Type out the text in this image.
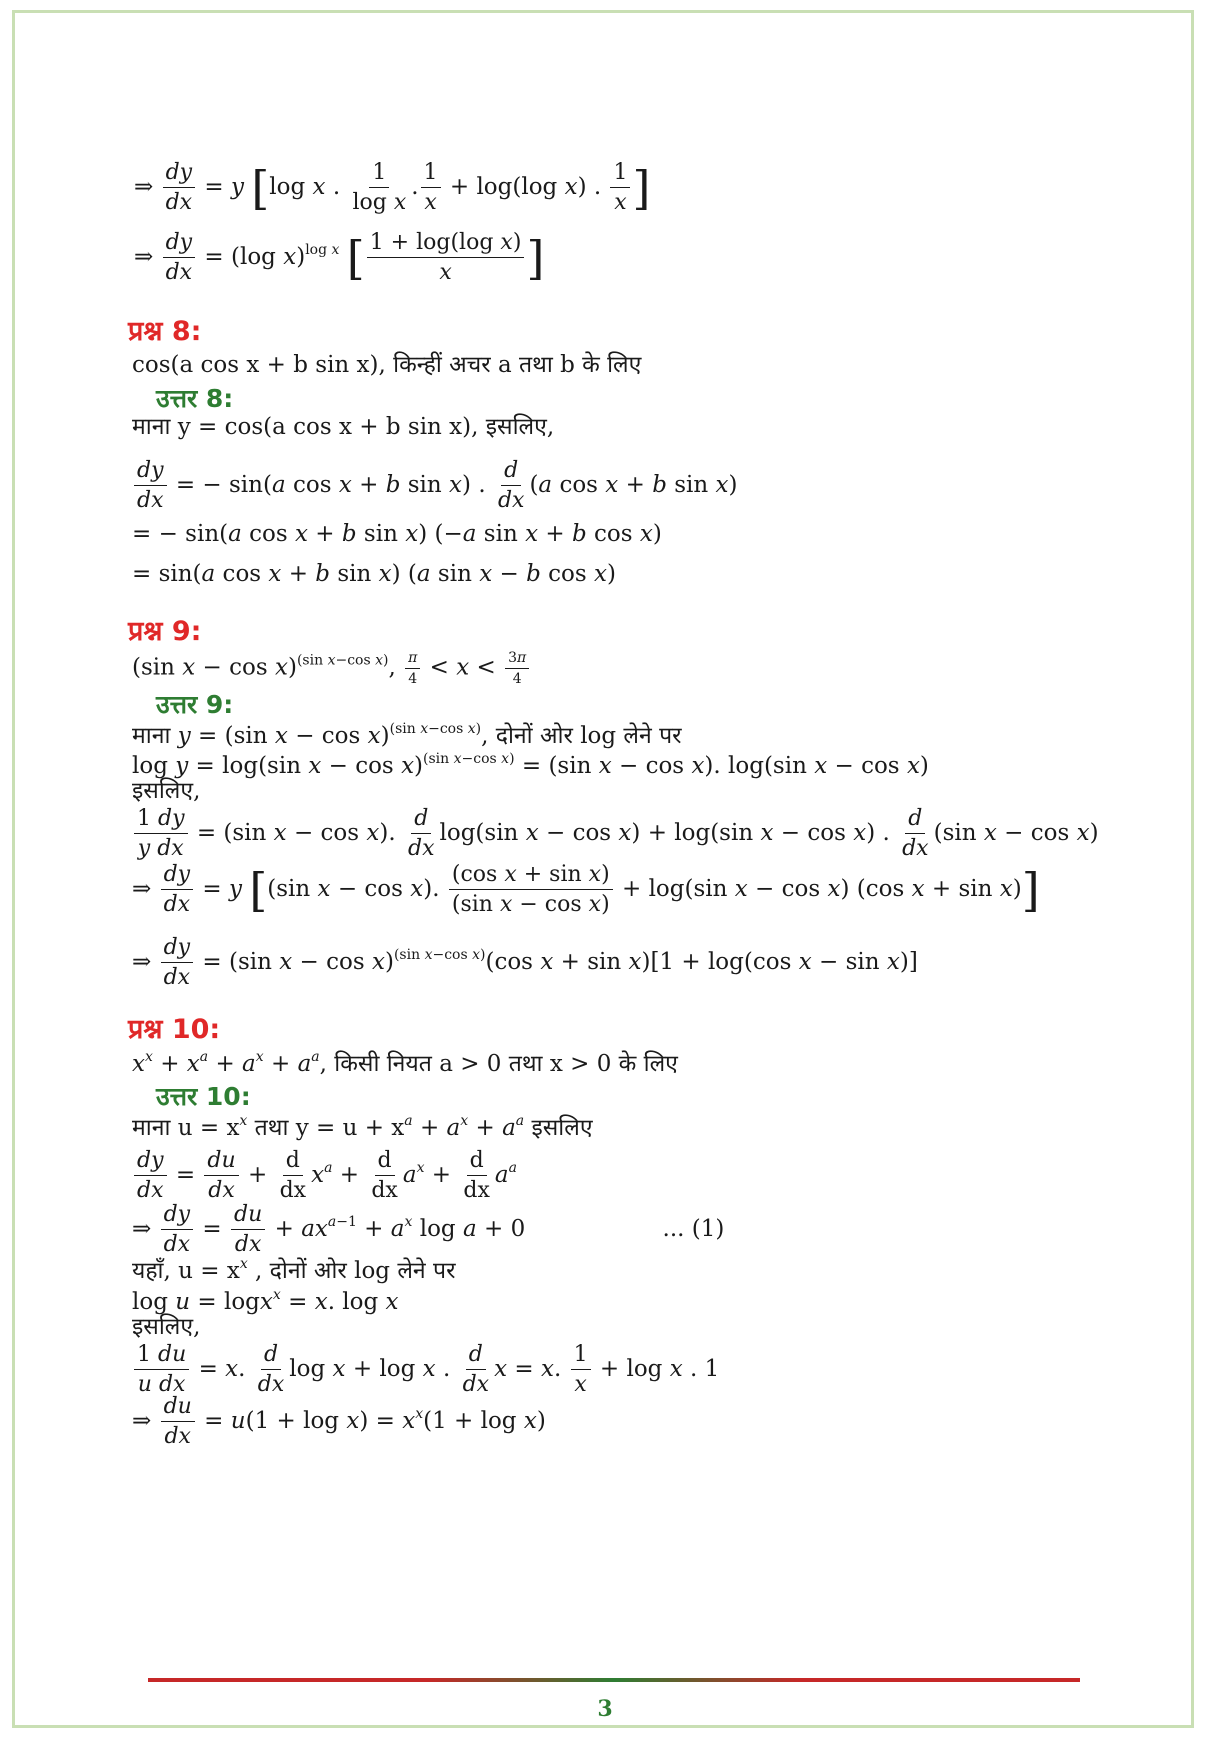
⇒ $\frac{dy}{dx} = y$ [log x . $\frac{1}{\text{log x}}$ . $\frac{1}{x} + \log(\log$ x) . $\frac{1}{x}$ ]
⇒ $\frac{dy}{dx} = (\log$ x)$^{log x}$ [ $\frac{\text{1 + log(log x)}}{x}$ ]
प्रश्न 8:
cos(a cos x + b sin x), किन्हीं अचर a तथा b के लिए
उत्तर 8:
माना y = cos(a cos x + b sin x), इसलिए,
$\frac{dy}{dx}$ = − sin(a cos x + b sin x) . $\frac{d}{dx} (a$ cos x + b sin x)
= − sin(a cos x + b sin x) (−a sin x + b cos x)
= sin(a cos x + b sin x) (a sin x − b cos x)
प्रश्न 9:
(sin x − cos x)$^{(sin x-cos x)}$, $\frac{\pi}{4} < x < \frac{3\pi}{4}$
उत्तर 9:
माना y = (sin x − cos x)$^{(sin x-cos x)}$, दोनों ओर log लेने पर
log y = log(sin x − cos x)$^{(sin x-cos x)}$ = (sin x − cos x). log(sin x − cos x)
इसलिए,
$\frac{1 dy}{\text{y dx}} = (\sin$ x − cos x). $\frac{d}{dx} \log(\sin$ x − cos x) + log(sin x − cos x) . $\frac{d}{dx} (\sin$ x − cos x)
⇒ $\frac{dy}{dx} = y$ [(sin x − cos x). $\frac{\text{(cos x + sin x)}}{\text{(sin x − cos x)}} + \log(\sin$ x − cos x) (cos x + sin x)]
⇒ $\frac{dy}{dx} = (\sin$ x − cos x)$^{(sin x-cos x)}$(cos x + sin x)[1 + log(cos x − sin x)]
प्रश्न 10:
$x^x + x^a + a^x + a^a$, किसी नियत a > 0 तथा x > 0 के लिए
उत्तर 10:
माना $u = x^x$ तथा $y = u + x^a + a^x + a^a$ इसलिए
$\frac{dy}{dx} = \frac{du}{dx} + \frac{d}{dx} x^a + \frac{d}{dx} a^x + \frac{d}{dx} a^a$
⇒ $\frac{dy}{dx} = \frac{du}{dx} + ax^{a-1} + a^x$ log a + 0	... (1)
यहाँ, $u = x^x$ , दोनों ओर log लेने पर
log u = logx$^x$ = x. log x
इसलिए,
$\frac{1 du}{\text{u dx}} = x$. $\frac{d}{dx}$ log x + log x . $\frac{d}{dx}$ x = x. $\frac{1}{x} + \log x$ . 1
⇒ $\frac{du}{dx} = u(1 + \log x) = x^x(1 + \log x)$
3
